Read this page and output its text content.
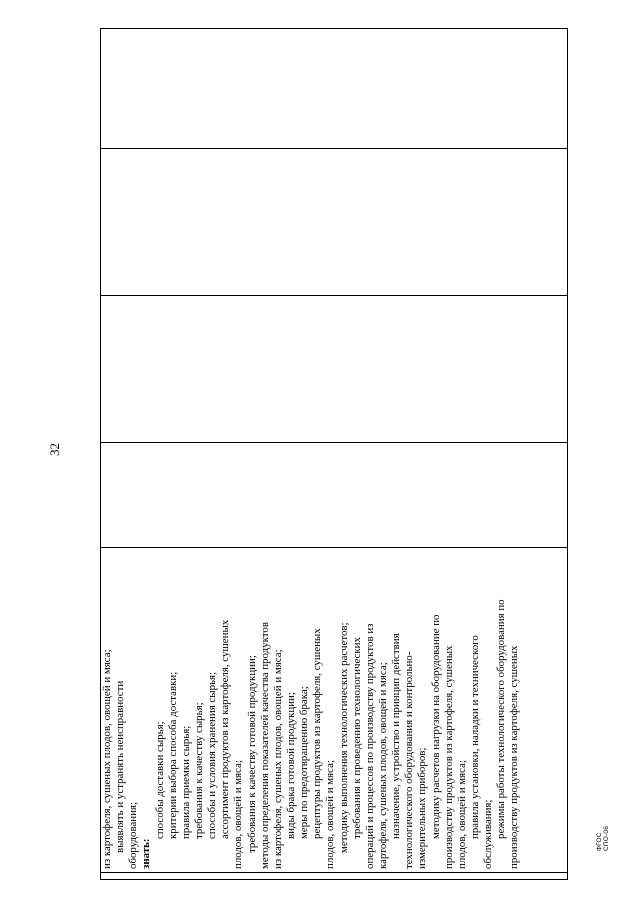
из картофеля, сушеных плодов, овощей и мяса; выявлять и устранять неисправности оборудования; знать:
способы доставки сырья; критерии выбора способа доставки; правила приемки сырья; требования к качеству сырья; способы и условия хранения сырья; ассортимент продуктов из картофеля, сушеных плодов, овощей и мяса; требования к качеству готовой продукции; методы определения показателей качества продуктов из картофеля, сушеных плодов, овощей и мяса; виды брака готовой продукции; меры по предотвращению брака; рецептуры продуктов из картофеля, сушеных плодов, овощей и мяса; методику выполнения технологических расчетов; требования к проведению технологических операций и процессов по производству продуктов из картофеля, сушеных плодов, овощей и мяса; назначение, устройство и принцип действия технологического оборудования и контрольно- измерительных приборов; методику расчетов нагрузки на оборудование по производству продуктов из картофеля, сушеных плодов, овощей и мяса; правила установки, наладки и технического обслуживания; режимы работы технологического оборудования по производству продуктов из картофеля, сушеных

32
ФГОС СПО-06
